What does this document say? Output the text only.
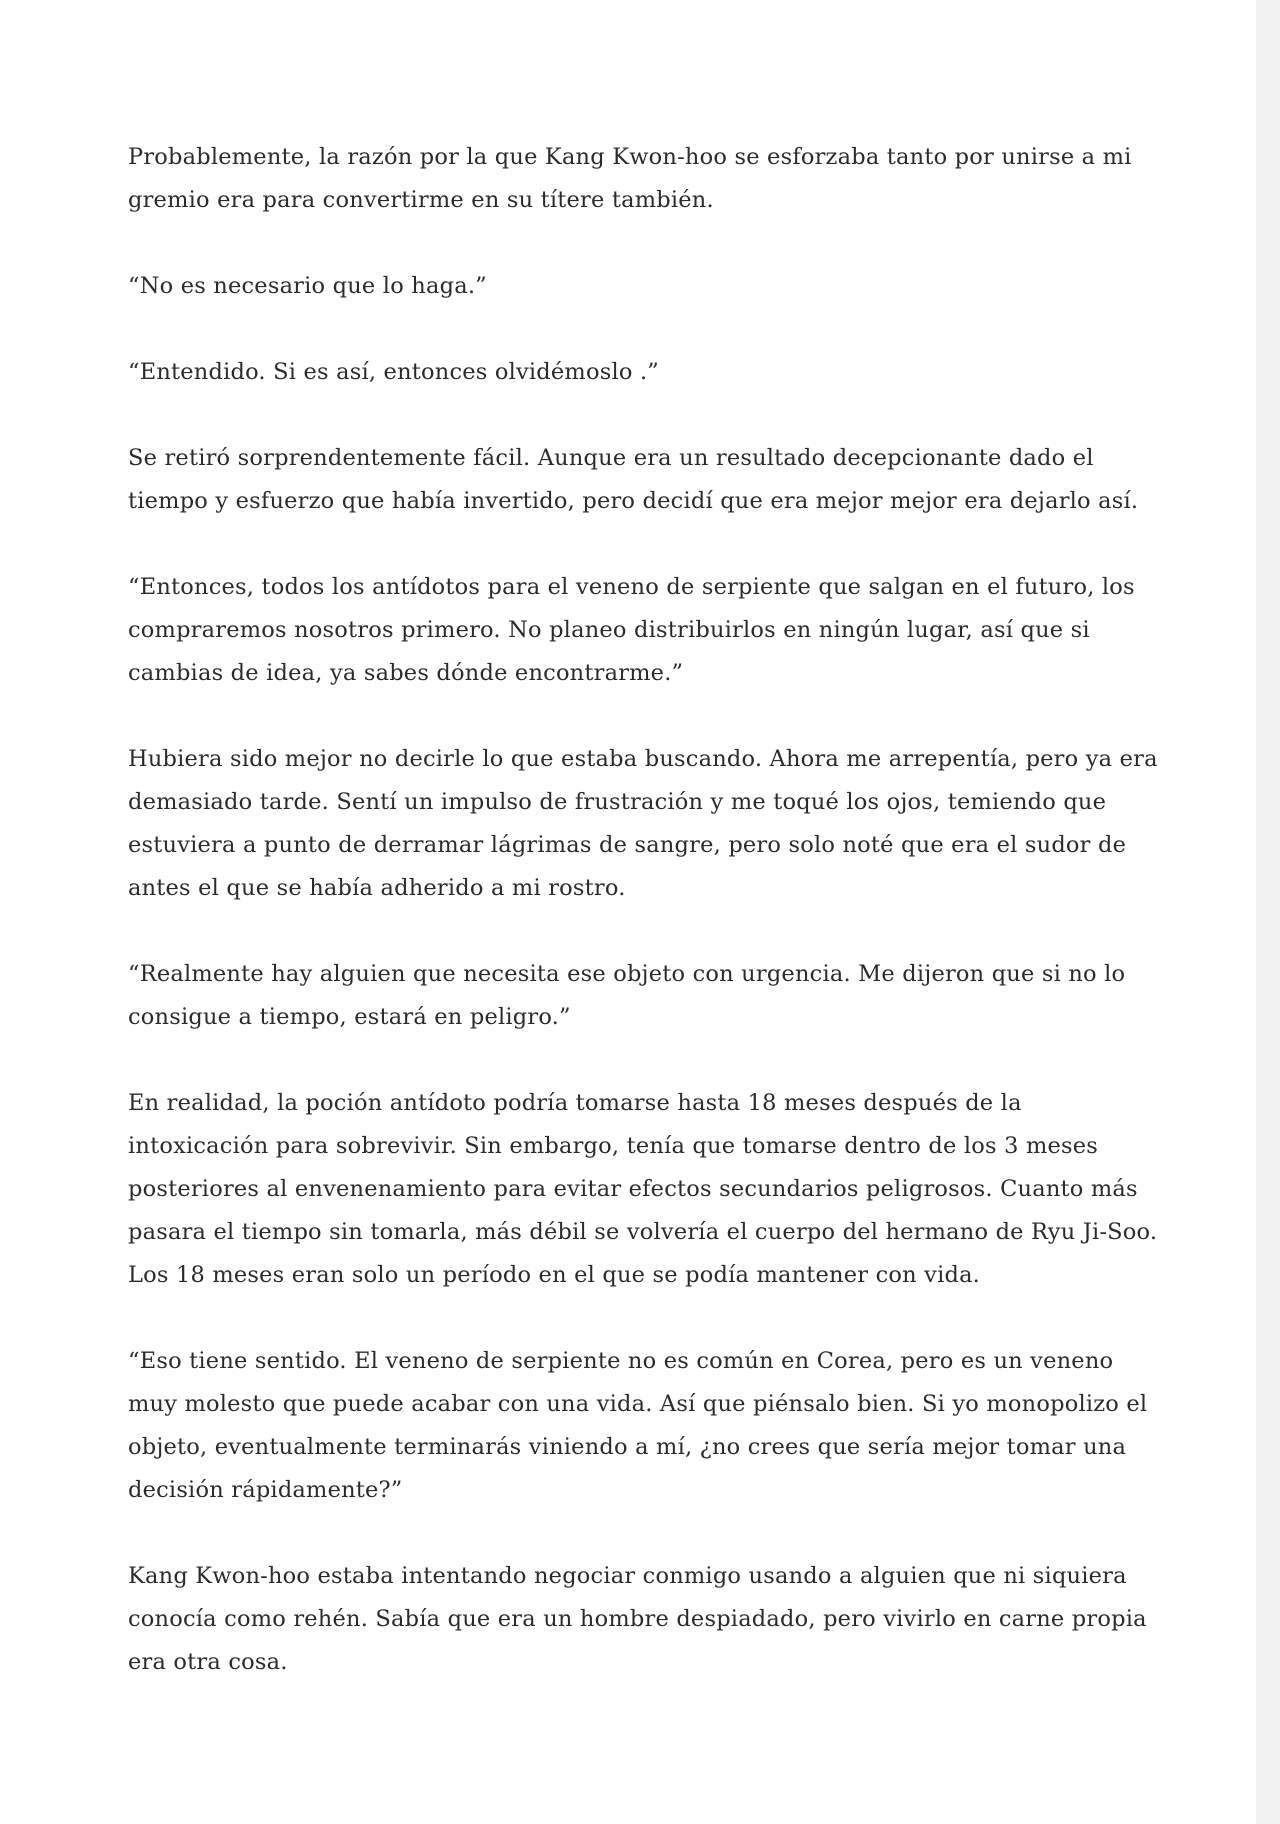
Probablemente, la razón por la que Kang Kwon-hoo se esforzaba tanto por unirse a mi gremio era para convertirme en su títere también.

“No es necesario que lo haga.”

“Entendido. Si es así, entonces olvidémoslo .”

Se retiró sorprendentemente fácil. Aunque era un resultado decepcionante dado el tiempo y esfuerzo que había invertido, pero decidí que era mejor mejor era dejarlo así.

“Entonces, todos los antídotos para el veneno de serpiente que salgan en el futuro, los compraremos nosotros primero. No planeo distribuirlos en ningún lugar, así que si cambias de idea, ya sabes dónde encontrarme.”

Hubiera sido mejor no decirle lo que estaba buscando. Ahora me arrepentía, pero ya era demasiado tarde. Sentí un impulso de frustración y me toqué los ojos, temiendo que estuviera a punto de derramar lágrimas de sangre, pero solo noté que era el sudor de antes el que se había adherido a mi rostro.

“Realmente hay alguien que necesita ese objeto con urgencia. Me dijeron que si no lo consigue a tiempo, estará en peligro.”

En realidad, la poción antídoto podría tomarse hasta 18 meses después de la intoxicación para sobrevivir. Sin embargo, tenía que tomarse dentro de los 3 meses posteriores al envenenamiento para evitar efectos secundarios peligrosos. Cuanto más pasara el tiempo sin tomarla, más débil se volvería el cuerpo del hermano de Ryu Ji-Soo. Los 18 meses eran solo un período en el que se podía mantener con vida.

“Eso tiene sentido. El veneno de serpiente no es común en Corea, pero es un veneno muy molesto que puede acabar con una vida. Así que piénsalo bien. Si yo monopolizo el objeto, eventualmente terminarás viniendo a mí, ¿no crees que sería mejor tomar una decisión rápidamente?”

Kang Kwon-hoo estaba intentando negociar conmigo usando a alguien que ni siquiera conocía como rehén. Sabía que era un hombre despiadado, pero vivirlo en carne propia era otra cosa.
